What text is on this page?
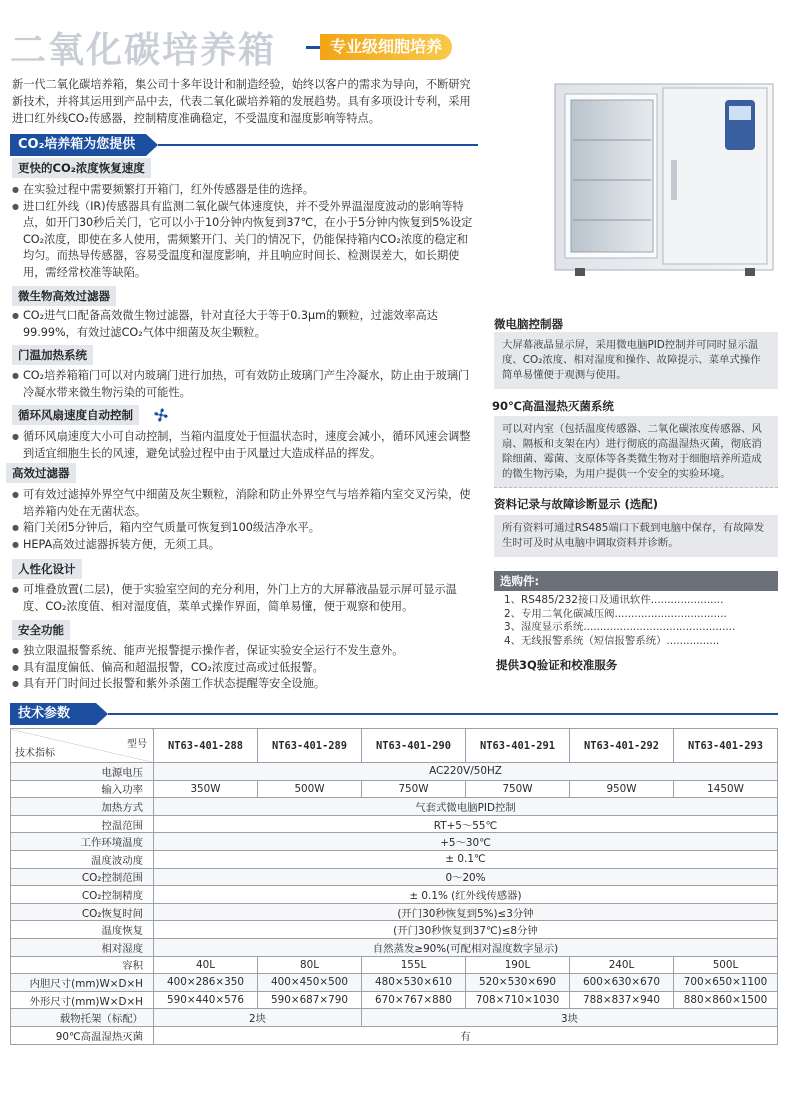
二氧化碳培养箱	专业级细胞培养
新一代二氧化碳培养箱，集公司十多年设计和制造经验，始终以客户的需求为导向，不断研究新技术，并将其运用到产品中去，代表二氧化碳培养箱的发展趋势。具有多项设计专利，采用进口红外线CO₂传感器，控制精度准确稳定，不受温度和湿度影响等特点。
CO₂培养箱为您提供
更快的CO₂浓度恢复速度
● 在实验过程中需要频繁打开箱门，红外传感器是佳的选择。
● 进口红外线（IR)传感器具有监测二氧化碳气体速度快，并不受外界温湿度波动的影响等特点，如开门30秒后关门，它可以小于10分钟内恢复到37℃，在小于5分钟内恢复到5%设定CO₂浓度，即使在多人使用，需频繁开门、关门的情况下，仍能保持箱内CO₂浓度的稳定和均匀。而热导传感器，容易受温度和湿度影响，并且响应时间长、检测误差大，如长期使用，需经常校准等缺陷。
微生物高效过滤器
● CO₂进气口配备高效微生物过滤器，针对直径大于等于0.3μm的颗粒，过滤效率高达99.99%，有效过滤CO₂气体中细菌及灰尘颗粒。
门温加热系统
● CO₂培养箱箱门可以对内玻璃门进行加热，可有效防止玻璃门产生冷凝水，防止由于玻璃门冷凝水带来微生物污染的可能性。
循环风扇速度自动控制
● 循环风扇速度大小可自动控制，当箱内温度处于恒温状态时，速度会减小，循环风速会调整到适宜细胞生长的风速，避免试验过程中由于风量过大造成样品的挥发。
高效过滤器
● 可有效过滤掉外界空气中细菌及灰尘颗粒，消除和防止外界空气与培养箱内室交叉污染，使培养箱内处在无菌状态。
● 箱门关闭5分钟后，箱内空气质量可恢复到100级洁净水平。
● HEPA高效过滤器拆装方便，无须工具。
人性化设计
● 可堆叠放置(二层)，便于实验室空间的充分利用，外门上方的大屏幕液晶显示屏可显示温度、CO₂浓度值、相对湿度值，菜单式操作界面，简单易懂，便于观察和使用。
安全功能
● 独立限温报警系统、能声光报警提示操作者，保证实验安全运行不发生意外。
● 具有温度偏低、偏高和超温报警，CO₂浓度过高或过低报警。
● 具有开门时间过长报警和紫外杀菌工作状态提醒等安全设施。
微电脑控制器
大屏幕液晶显示屏，采用微电脑PID控制并可同时显示温度、CO₂浓度、相对湿度和操作、故障提示、菜单式操作简单易懂便于观测与使用。
90℃高温湿热灭菌系统
可以对内室（包括温度传感器、二氧化碳浓度传感器、风扇、隔板和支架在内）进行彻底的高温湿热灭菌，彻底消除细菌、霉菌、支原体等各类微生物对于细胞培养所造成的微生物污染，为用户提供一个安全的实验环境。
资料记录与故障诊断显示 (选配)
所有资料可通过RS485端口下载到电脑中保存，有故障发生时可及时从电脑中调取资料并诊断。
选购件:
1、RS485/232接口及通讯软件......................
2、专用二氧化碳减压阀..................................
3、湿度显示系统..............................................
4、无线报警系统（短信报警系统）................
提供3Q验证和校准服务
技术参数
型号
技术指标	NT63-401-288	NT63-401-289	NT63-401-290	NT63-401-291	NT63-401-292	NT63-401-293
电源电压	AC220V/50HZ					
输入功率	350W	500W	750W	750W	950W	1450W
加热方式	气套式微电脑PID控制					
控温范围	RT+5～55℃					
工作环境温度	+5～30℃					
温度波动度	± 0.1℃					
CO₂控制范围	0～20%					
CO₂控制精度	± 0.1% (红外线传感器)					
CO₂恢复时间	(开门30秒恢复到5%)≤3分钟					
温度恢复	(开门30秒恢复到37℃)≤8分钟					
相对湿度	自然蒸发≥90%(可配相对湿度数字显示)					
容积	40L	80L	155L	190L	240L	500L
内胆尺寸(mm)W×D×H	400×286×350	400×450×500	480×530×610	520×530×690	600×630×670	700×650×1100
外形尺寸(mm)W×D×H	590×440×576	590×687×790	670×767×880	708×710×1030	788×837×940	880×860×1500
载物托架（标配）	2块		3块			
90℃高温湿热灭菌	有					
